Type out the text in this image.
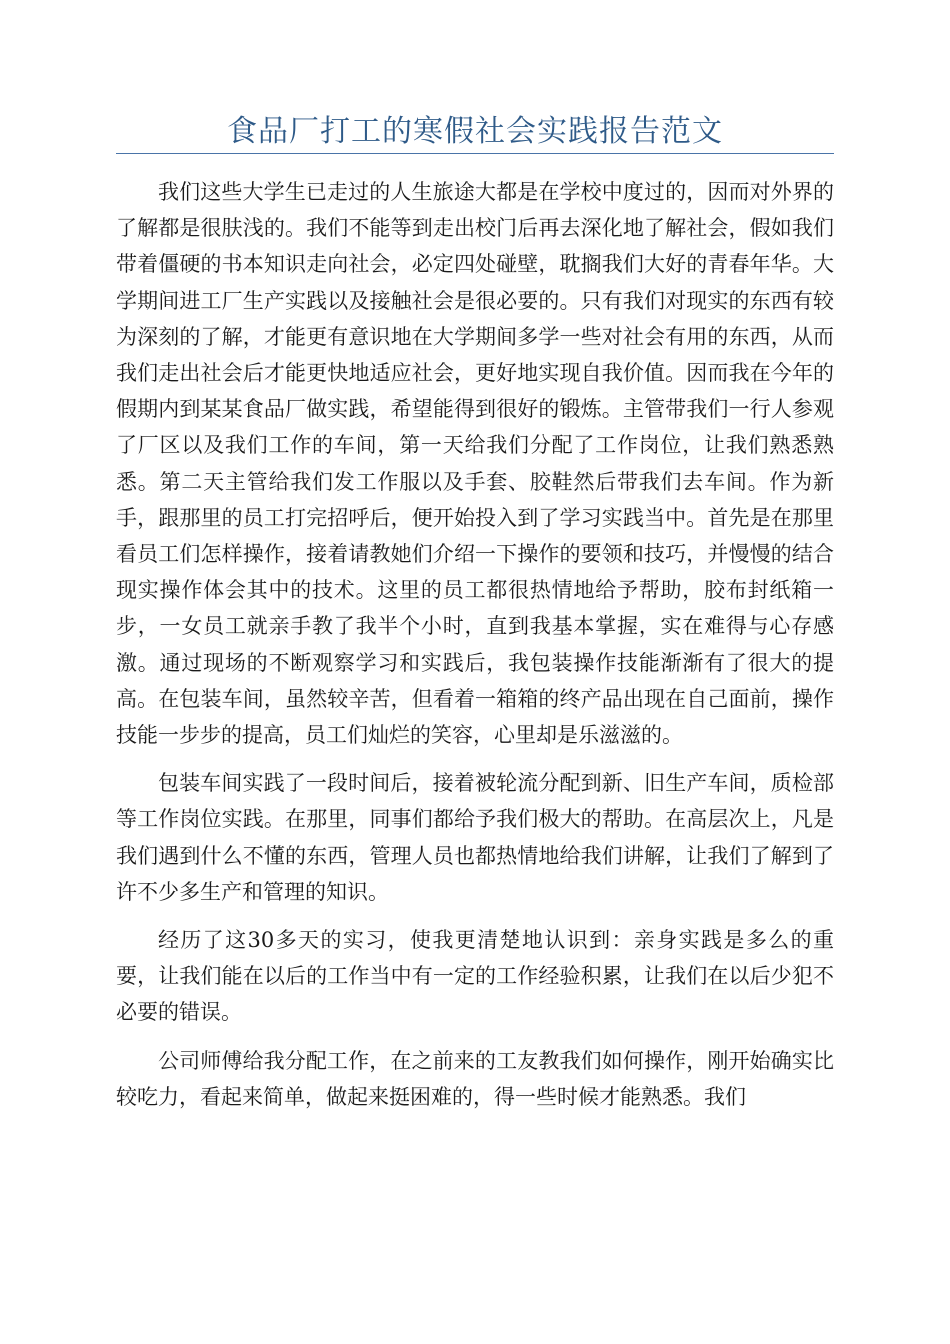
食品厂打工的寒假社会实践报告范文

我们这些大学生已走过的人生旅途大都是在学校中度过的，因而对外界的了解都是很肤浅的。我们不能等到走出校门后再去深化地了解社会，假如我们带着僵硬的书本知识走向社会，必定四处碰壁，耽搁我们大好的青春年华。大学期间进工厂生产实践以及接触社会是很必要的。只有我们对现实的东西有较为深刻的了解，才能更有意识地在大学期间多学一些对社会有用的东西，从而我们走出社会后才能更快地适应社会，更好地实现自我价值。因而我在今年的假期内到某某食品厂做实践，希望能得到很好的锻炼。主管带我们一行人参观了厂区以及我们工作的车间，第一天给我们分配了工作岗位，让我们熟悉熟悉。第二天主管给我们发工作服以及手套、胶鞋然后带我们去车间。作为新手，跟那里的员工打完招呼后，便开始投入到了学习实践当中。首先是在那里看员工们怎样操作，接着请教她们介绍一下操作的要领和技巧，并慢慢的结合现实操作体会其中的技术。这里的员工都很热情地给予帮助，胶布封纸箱一步，一女员工就亲手教了我半个小时，直到我基本掌握，实在难得与心存感激。通过现场的不断观察学习和实践后，我包装操作技能渐渐有了很大的提高。在包装车间，虽然较辛苦，但看着一箱箱的终产品出现在自己面前，操作技能一步步的提高，员工们灿烂的笑容，心里却是乐滋滋的。

包装车间实践了一段时间后，接着被轮流分配到新、旧生产车间，质检部等工作岗位实践。在那里，同事们都给予我们极大的帮助。在高层次上，凡是我们遇到什么不懂的东西，管理人员也都热情地给我们讲解，让我们了解到了许不少多生产和管理的知识。

经历了这30多天的实习，使我更清楚地认识到：亲身实践是多么的重要，让我们能在以后的工作当中有一定的工作经验积累，让我们在以后少犯不必要的错误。

公司师傅给我分配工作，在之前来的工友教我们如何操作，刚开始确实比较吃力，看起来简单，做起来挺困难的，得一些时候才能熟悉。我们
